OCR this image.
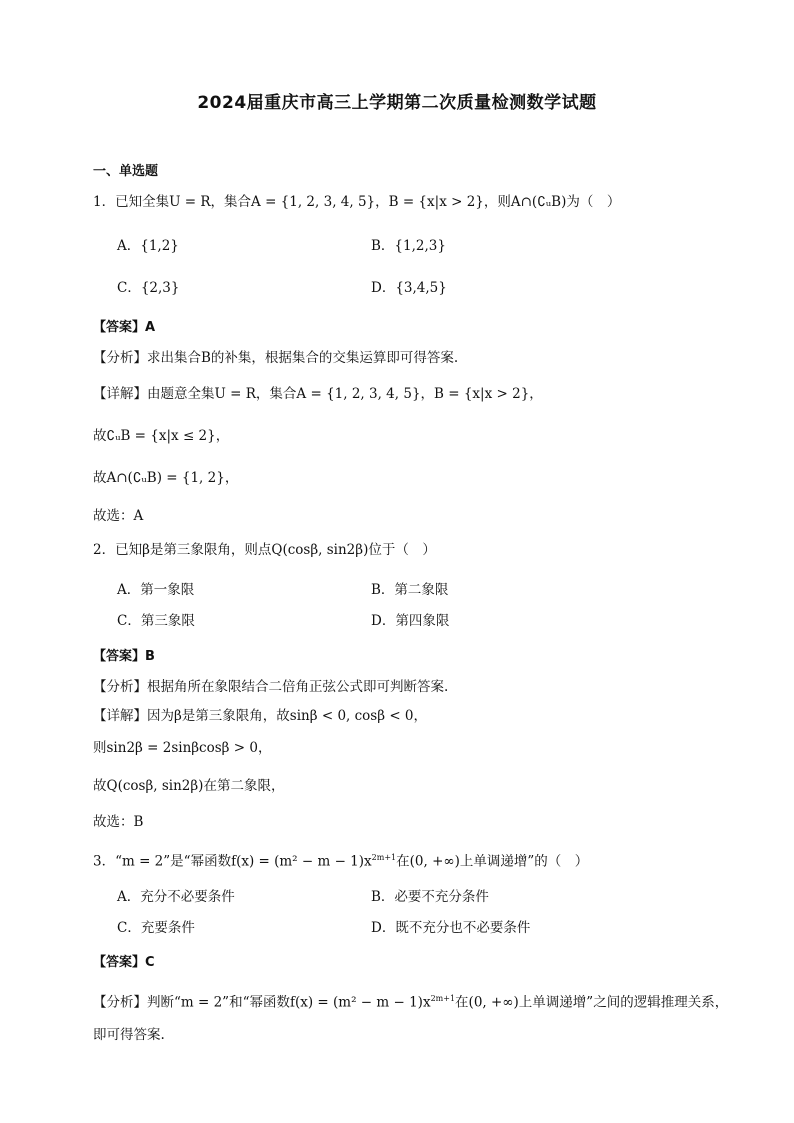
2024届重庆市高三上学期第二次质量检测数学试题
一、单选题
1．已知全集U = R，集合A = {1, 2, 3, 4, 5}，B = {x|x > 2}，则A∩(∁ᵤB)为（　）
A．{1,2}	B．{1,2,3}
C．{2,3}	D．{3,4,5}
【答案】A
【分析】求出集合B的补集，根据集合的交集运算即可得答案.
【详解】由题意全集U = R，集合A = {1, 2, 3, 4, 5}，B = {x|x > 2}，
故∁ᵤB = {x|x ≤ 2}，
故A∩(∁ᵤB) = {1, 2}，
故选：A
2．已知β是第三象限角，则点Q(cosβ, sin2β)位于（　）
A．第一象限	B．第二象限
C．第三象限	D．第四象限
【答案】B
【分析】根据角所在象限结合二倍角正弦公式即可判断答案.
【详解】因为β是第三象限角，故sinβ < 0, cosβ < 0，
则sin2β = 2sinβcosβ > 0，
故Q(cosβ, sin2β)在第二象限，
故选：B
3．“m = 2”是“幂函数$f(x) = (m^2 - m - 1)x^{2m+1}$在(0, +∞)上单调递增”的（　）
A．充分不必要条件	B．必要不充分条件
C．充要条件	D．既不充分也不必要条件
【答案】C
【分析】判断“m = 2”和“幂函数$f(x) = (m^2 - m - 1)x^{2m+1}$在(0, +∞)上单调递增”之间的逻辑推理关系，
即可得答案.
